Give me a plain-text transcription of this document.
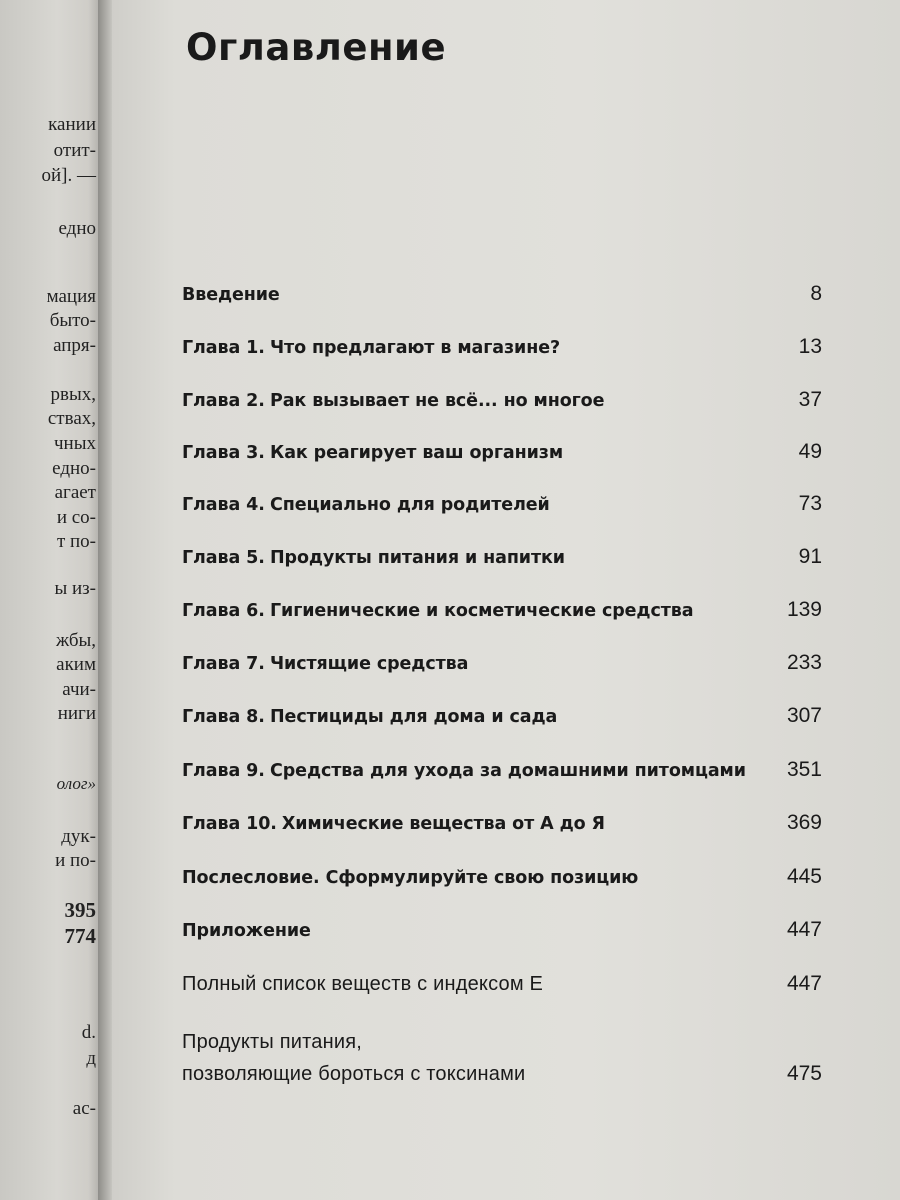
кании
отит-
ой]. —
едно
мация
быто-
апря-
рвых,
ствах,
чных
едно-
агает
и со-
т по-
ы из-
жбы,
аким
ачи-
ниги
олог»
дук-
и по-
395
774
d.
д
ас-
Оглавление
Введение	8
Глава 1. Что предлагают в магазине?	13
Глава 2. Рак вызывает не всё... но многое	37
Глава 3. Как реагирует ваш организм	49
Глава 4. Специально для родителей	73
Глава 5. Продукты питания и напитки	91
Глава 6. Гигиенические и косметические средства	139
Глава 7. Чистящие средства	233
Глава 8. Пестициды для дома и сада	307
Глава 9. Средства для ухода за домашними питомцами 351
Глава 10. Химические вещества от А до Я	369
Послесловие. Сформулируйте свою позицию	445
Приложение	447
Полный список веществ с индексом Е	447
Продукты питания,
позволяющие бороться с токсинами	475
